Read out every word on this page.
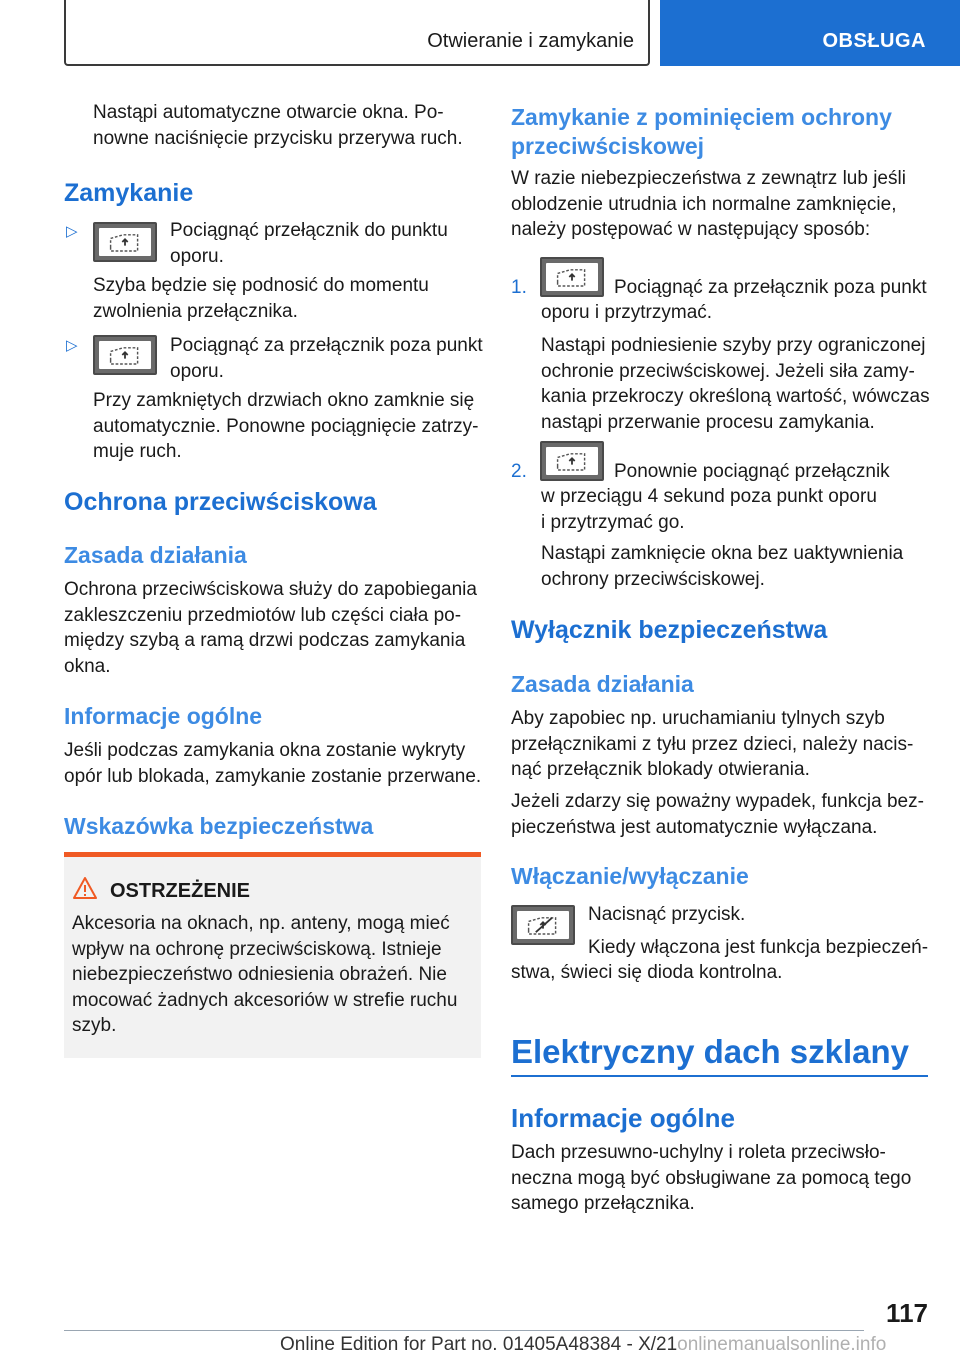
Otwieranie i zamykanie	OBSŁUGA
Nastąpi automatyczne otwarcie okna. Po-
nowne naciśnięcie przycisku przerywa ruch.
Zamykanie
▷	Pociągnąć przełącznik do punktu
oporu.
Szyba będzie się podnosić do momentu
zwolnienia przełącznika.
▷	Pociągnąć za przełącznik poza punkt
oporu.
Przy zamkniętych drzwiach okno zamknie się
automatycznie. Ponowne pociągnięcie zatrzy-
muje ruch.
Ochrona przeciwściskowa
Zasada działania
Ochrona przeciwściskowa służy do zapobiegania
zakleszczeniu przedmiotów lub części ciała po-
między szybą a ramą drzwi podczas zamykania
okna.
Informacje ogólne
Jeśli podczas zamykania okna zostanie wykryty
opór lub blokada, zamykanie zostanie przerwane.
Wskazówka bezpieczeństwa
OSTRZEŻENIE
Akcesoria na oknach, np. anteny, mogą mieć
wpływ na ochronę przeciwściskową. Istnieje
niebezpieczeństwo odniesienia obrażeń. Nie
mocować żadnych akcesoriów w strefie ruchu
szyb.
Zamykanie z pominięciem ochrony
przeciwściskowej
W razie niebezpieczeństwa z zewnątrz lub jeśli
oblodzenie utrudnia ich normalne zamknięcie,
należy postępować w następujący sposób:
1.	Pociągnąć za przełącznik poza punkt
oporu i przytrzymać.
Nastąpi podniesienie szyby przy ograniczonej
ochronie przeciwściskowej. Jeżeli siła zamy-
kania przekroczy określoną wartość, wówczas
nastąpi przerwanie procesu zamykania.
2.	Ponownie pociągnąć przełącznik
w przeciągu 4 sekund poza punkt oporu
i przytrzymać go.
Nastąpi zamknięcie okna bez uaktywnienia
ochrony przeciwściskowej.
Wyłącznik bezpieczeństwa
Zasada działania
Aby zapobiec np. uruchamianiu tylnych szyb
przełącznikami z tyłu przez dzieci, należy nacis-
nąć przełącznik blokady otwierania.
Jeżeli zdarzy się poważny wypadek, funkcja bez-
pieczeństwa jest automatycznie wyłączana.
Włączanie/wyłączanie
Nacisnąć przycisk.
Kiedy włączona jest funkcja bezpieczeń-
stwa, świeci się dioda kontrolna.
Elektryczny dach szklany
Informacje ogólne
Dach przesuwno-uchylny i roleta przeciwsło-
neczna mogą być obsługiwane za pomocą tego
samego przełącznika.
117
Online Edition for Part no. 01405A48384 - X/21onlinemanualsonline.info
